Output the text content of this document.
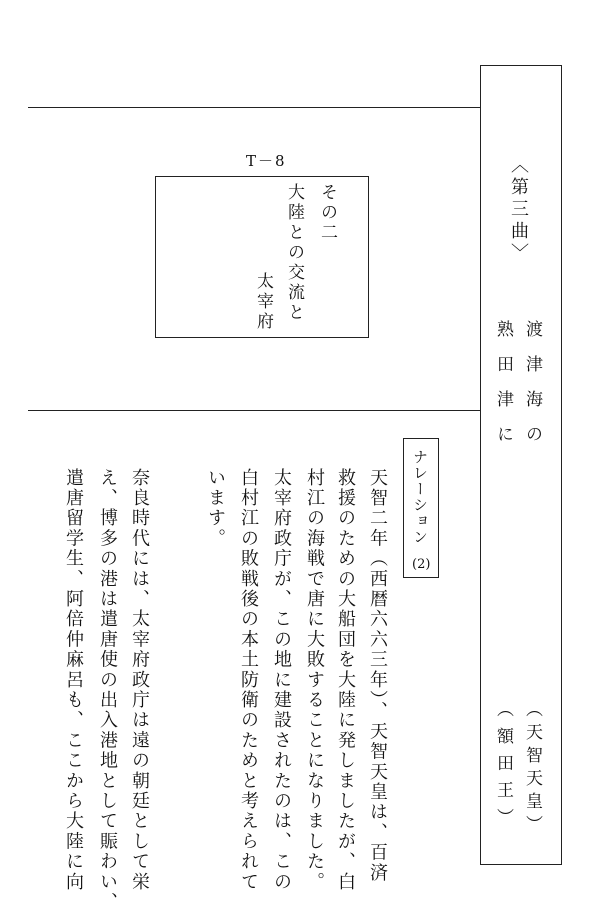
〈第三曲〉
渡津海の
熟田津に
（天智天皇）
（額田王）
T－8
その二
大陸との交流と
太宰府
ナレーション
(2)
天智二年（西暦六六三年）、天智天皇は、百済
救援のための大船団を大陸に発しましたが、白
村江の海戦で唐に大敗することになりました。
太宰府政庁が、この地に建設されたのは、この
白村江の敗戦後の本土防衛のためと考えられて
います。
奈良時代には、太宰府政庁は遠の朝廷として栄
え、博多の港は遣唐使の出入港地として賑わい、
遣唐留学生、阿倍仲麻呂も、ここから大陸に向
